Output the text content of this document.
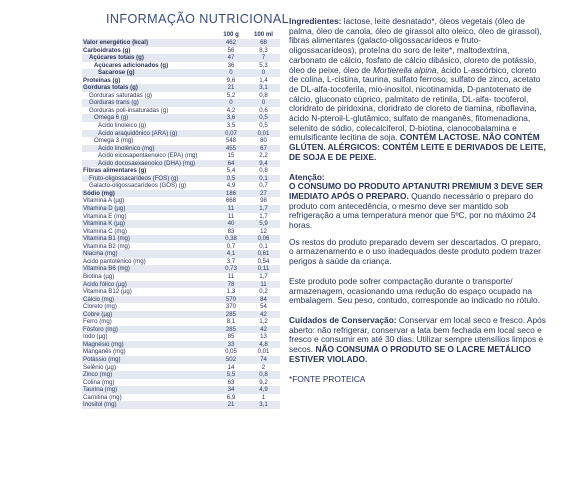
INFORMAÇÃO NUTRICIONAL
	100 g	100 ml
Valor energético (kcal)	462	68
Carboidratos (g)	56	8,3
Açúcares totais (g)	47	7
Açúcares adicionados (g)	36	5,3
Sacarose (g)	0	0
Proteínas (g)	9,6	1,4
Gorduras totais (g)	21	3,1
Gorduras saturadas (g)	5,2	0,8
Gorduras trans (g)	0	0
Gorduras poli-insaturadas (g)	4,2	0,6
Ômega 6 (g)	3,6	0,5
Ácido linoleico (g)	3,5	0,5
Ácido araquidônico (ARA) (g)	0,07	0,01
Ômega 3 (mg)	548	80
Ácido linolênico (mg)	455	67
Ácido eicosapentaenoico (EPA) (mg)	15	2,2
Ácido docosaexaenoico (DHA) (mg)	64	9,4
Fibras alimentares (g)	5,4	0,8
Fruto-oligossacarídeos (FOS) (g)	0,5	0,1
Galacto-oligossacarídeos (GOS) (g)	4,9	0,7
Sódio (mg)	186	27
Vitamina A (µg)	668	98
Vitamina D (µg)	11	1,7
Vitamina E (mg)	11	1,7
Vitamina K (µg)	40	5,9
Vitamina C (mg)	83	12
Vitamina B1 (mg)	0,38	0,06
Vitamina B2 (mg)	0,7	0,1
Niacina (mg)	4,1	0,61
Ácido pantotênico (mg)	3,7	0,54
Vitamina B6 (mg)	0,73	0,11
Biotina (µg)	11	1,7
Ácido fólico (µg)	78	11
Vitamina B12 (µg)	1,3	0,2
Cálcio (mg)	570	84
Cloreto (mg)	370	54
Cobre (µg)	285	42
Ferro (mg)	8,1	1,2
Fósforo (mg)	285	42
Iodo (µg)	85	13
Magnésio (mg)	33	4,8
Manganês (mg)	0,05	0,01
Potássio (mg)	502	74
Selênio (µg)	14	2
Zinco (mg)	5,5	0,8
Colina (mg)	63	9,2
Taurina (mg)	34	4,9
Carnitina (mg)	6,9	1
Inositol (mg)	21	3,1

Ingredientes: lactose, leite desnatado*, óleos vegetais (óleo de palma, óleo de canola, óleo de girassol alto oleico, óleo de girassol), fibras alimentares (galacto-oligossacarídeos e fruto-oligossacarídeos), proteína do soro de leite*, maltodextrina, carbonato de cálcio, fosfato de cálcio dibásico, cloreto de potássio, óleo de peixe, óleo de Mortierella alpina, ácido L-ascórbico, cloreto de colina, L-cistina, taurina, sulfato ferroso, sulfato de zinco, acetato de DL-alfa-tocoferila, mio-inositol, nicotinamida, D-pantotenato de cálcio, gluconato cúprico, palmitato de retinila, DL-alfa- tocoferol, cloridrato de piridoxina, cloridrato de cloreto de tiamina, riboflavina, ácido N-pteroil-L-glutâmico, sulfato de manganês, fitomenadiona, selenito de sódio, colecalciferol, D-biotina, cianocobalamina e emulsificante lecitina de soja. CONTÉM LACTOSE. NÃO CONTÉM GLÚTEN. ALÉRGICOS: CONTÉM LEITE E DERIVADOS DE LEITE, DE SOJA E DE PEIXE.

Atenção:

O CONSUMO DO PRODUTO APTANUTRI PREMIUM 3 DEVE SER IMEDIATO APÓS O PREPARO. Quando necessário o preparo do produto com antecedência, o mesmo deve ser mantido sob refrigeração a uma temperatura menor que 5ºC, por no máximo 24 horas.

Os restos do produto preparado devem ser descartados. O preparo, o armazenamento e o uso inadequados deste produto podem trazer perigos à saúde da criança.

Este produto pode sofrer compactação durante o transporte/ armazenagem, ocasionando uma redução do espaço ocupado na embalagem. Seu peso, contudo, corresponde ao indicado no rótulo.

Cuidados de Conservação: Conservar em local seco e fresco. Após aberto: não refrigerar, conservar a lata bem fechada em local seco e fresco e consumir em até 30 dias. Utilizar sempre utensílios limpos e secos. NÃO CONSUMA O PRODUTO SE O LACRE METÁLICO ESTIVER VIOLADO.

*FONTE PROTEICA
